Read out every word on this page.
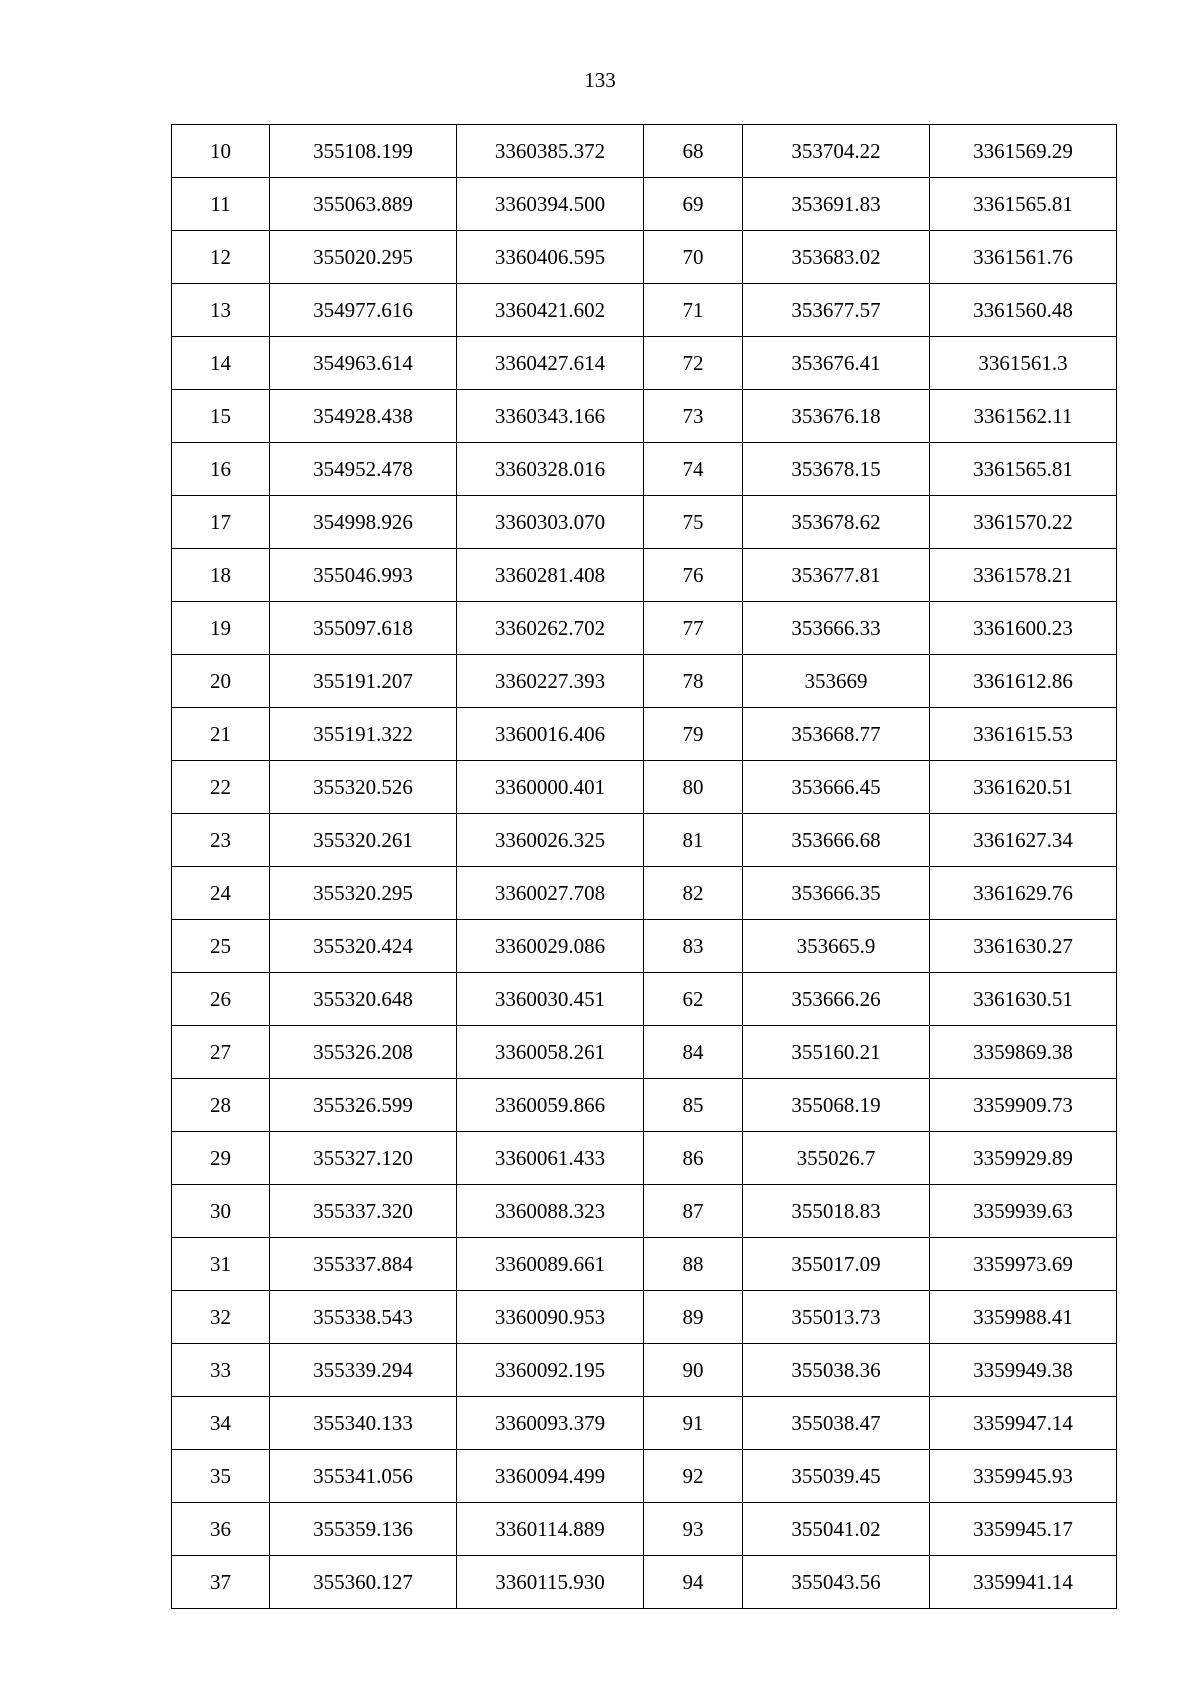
133
10	355108.199	3360385.372	68	353704.22	3361569.29
11	355063.889	3360394.500	69	353691.83	3361565.81
12	355020.295	3360406.595	70	353683.02	3361561.76
13	354977.616	3360421.602	71	353677.57	3361560.48
14	354963.614	3360427.614	72	353676.41	3361561.3
15	354928.438	3360343.166	73	353676.18	3361562.11
16	354952.478	3360328.016	74	353678.15	3361565.81
17	354998.926	3360303.070	75	353678.62	3361570.22
18	355046.993	3360281.408	76	353677.81	3361578.21
19	355097.618	3360262.702	77	353666.33	3361600.23
20	355191.207	3360227.393	78	353669	3361612.86
21	355191.322	3360016.406	79	353668.77	3361615.53
22	355320.526	3360000.401	80	353666.45	3361620.51
23	355320.261	3360026.325	81	353666.68	3361627.34
24	355320.295	3360027.708	82	353666.35	3361629.76
25	355320.424	3360029.086	83	353665.9	3361630.27
26	355320.648	3360030.451	62	353666.26	3361630.51
27	355326.208	3360058.261	84	355160.21	3359869.38
28	355326.599	3360059.866	85	355068.19	3359909.73
29	355327.120	3360061.433	86	355026.7	3359929.89
30	355337.320	3360088.323	87	355018.83	3359939.63
31	355337.884	3360089.661	88	355017.09	3359973.69
32	355338.543	3360090.953	89	355013.73	3359988.41
33	355339.294	3360092.195	90	355038.36	3359949.38
34	355340.133	3360093.379	91	355038.47	3359947.14
35	355341.056	3360094.499	92	355039.45	3359945.93
36	355359.136	3360114.889	93	355041.02	3359945.17
37	355360.127	3360115.930	94	355043.56	3359941.14
